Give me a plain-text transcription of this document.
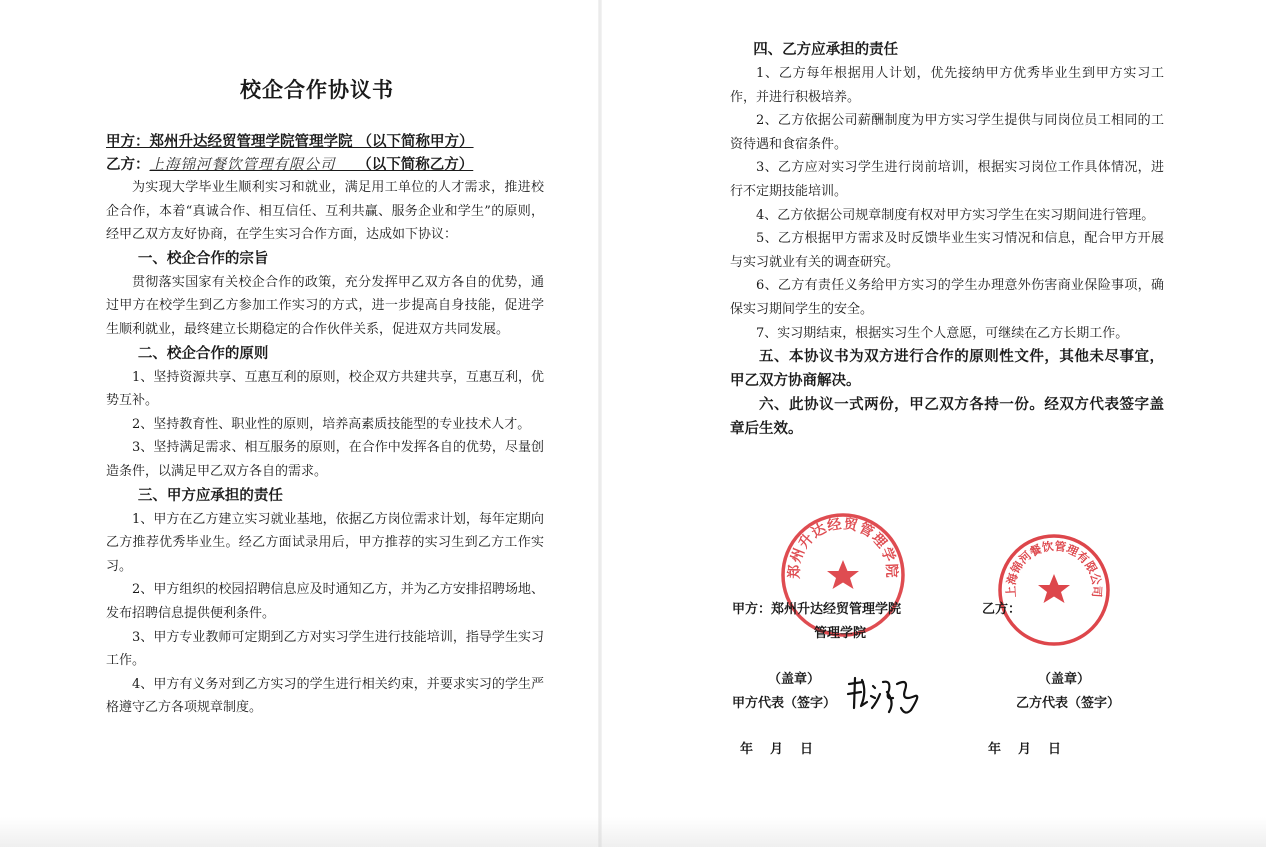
校企合作协议书
甲方：郑州升达经贸管理学院管理学院 （以下简称甲方）
乙方：上海锦河餐饮管理有限公司　　 （以下简称乙方）

为实现大学毕业生顺利实习和就业，满足用工单位的人才需求，推进校企合作，本着“真诚合作、相互信任、互利共赢、服务企业和学生”的原则，经甲乙双方友好协商，在学生实习合作方面，达成如下协议：

一、校企合作的宗旨

贯彻落实国家有关校企合作的政策，充分发挥甲乙双方各自的优势，通过甲方在校学生到乙方参加工作实习的方式，进一步提高自身技能，促进学生顺利就业，最终建立长期稳定的合作伙伴关系，促进双方共同发展。

二、校企合作的原则

1、坚持资源共享、互惠互利的原则，校企双方共建共享，互惠互利，优势互补。

2、坚持教育性、职业性的原则，培养高素质技能型的专业技术人才。

3、坚持满足需求、相互服务的原则，在合作中发挥各自的优势，尽量创造条件，以满足甲乙双方各自的需求。

三、甲方应承担的责任

1、甲方在乙方建立实习就业基地，依据乙方岗位需求计划，每年定期向乙方推荐优秀毕业生。经乙方面试录用后，甲方推荐的实习生到乙方工作实习。

2、甲方组织的校园招聘信息应及时通知乙方，并为乙方安排招聘场地、发布招聘信息提供便利条件。

3、甲方专业教师可定期到乙方对实习学生进行技能培训，指导学生实习工作。

4、甲方有义务对到乙方实习的学生进行相关约束，并要求实习的学生严格遵守乙方各项规章制度。

四、乙方应承担的责任

1、乙方每年根据用人计划，优先接纳甲方优秀毕业生到甲方实习工作，并进行积极培养。

2、乙方依据公司薪酬制度为甲方实习学生提供与同岗位员工相同的工资待遇和食宿条件。

3、乙方应对实习学生进行岗前培训，根据实习岗位工作具体情况，进行不定期技能培训。

4、乙方依据公司规章制度有权对甲方实习学生在实习期间进行管理。

5、乙方根据甲方需求及时反馈毕业生实习情况和信息，配合甲方开展与实习就业有关的调查研究。

6、乙方有责任义务给甲方实习的学生办理意外伤害商业保险事项，确保实习期间学生的安全。

7、实习期结束，根据实习生个人意愿，可继续在乙方长期工作。

五、本协议书为双方进行合作的原则性文件，其他未尽事宜，甲乙双方协商解决。

六、此协议一式两份，甲乙双方各持一份。经双方代表签字盖章后生效。

郑州升达经贸管理学院
上海锦河餐饮管理有限公司
甲方：郑州升达经贸管理学院
管理学院
乙方：
（盖章）	（盖章）
甲方代表（签字）	乙方代表（签字）
年　月　日	年　月　日
